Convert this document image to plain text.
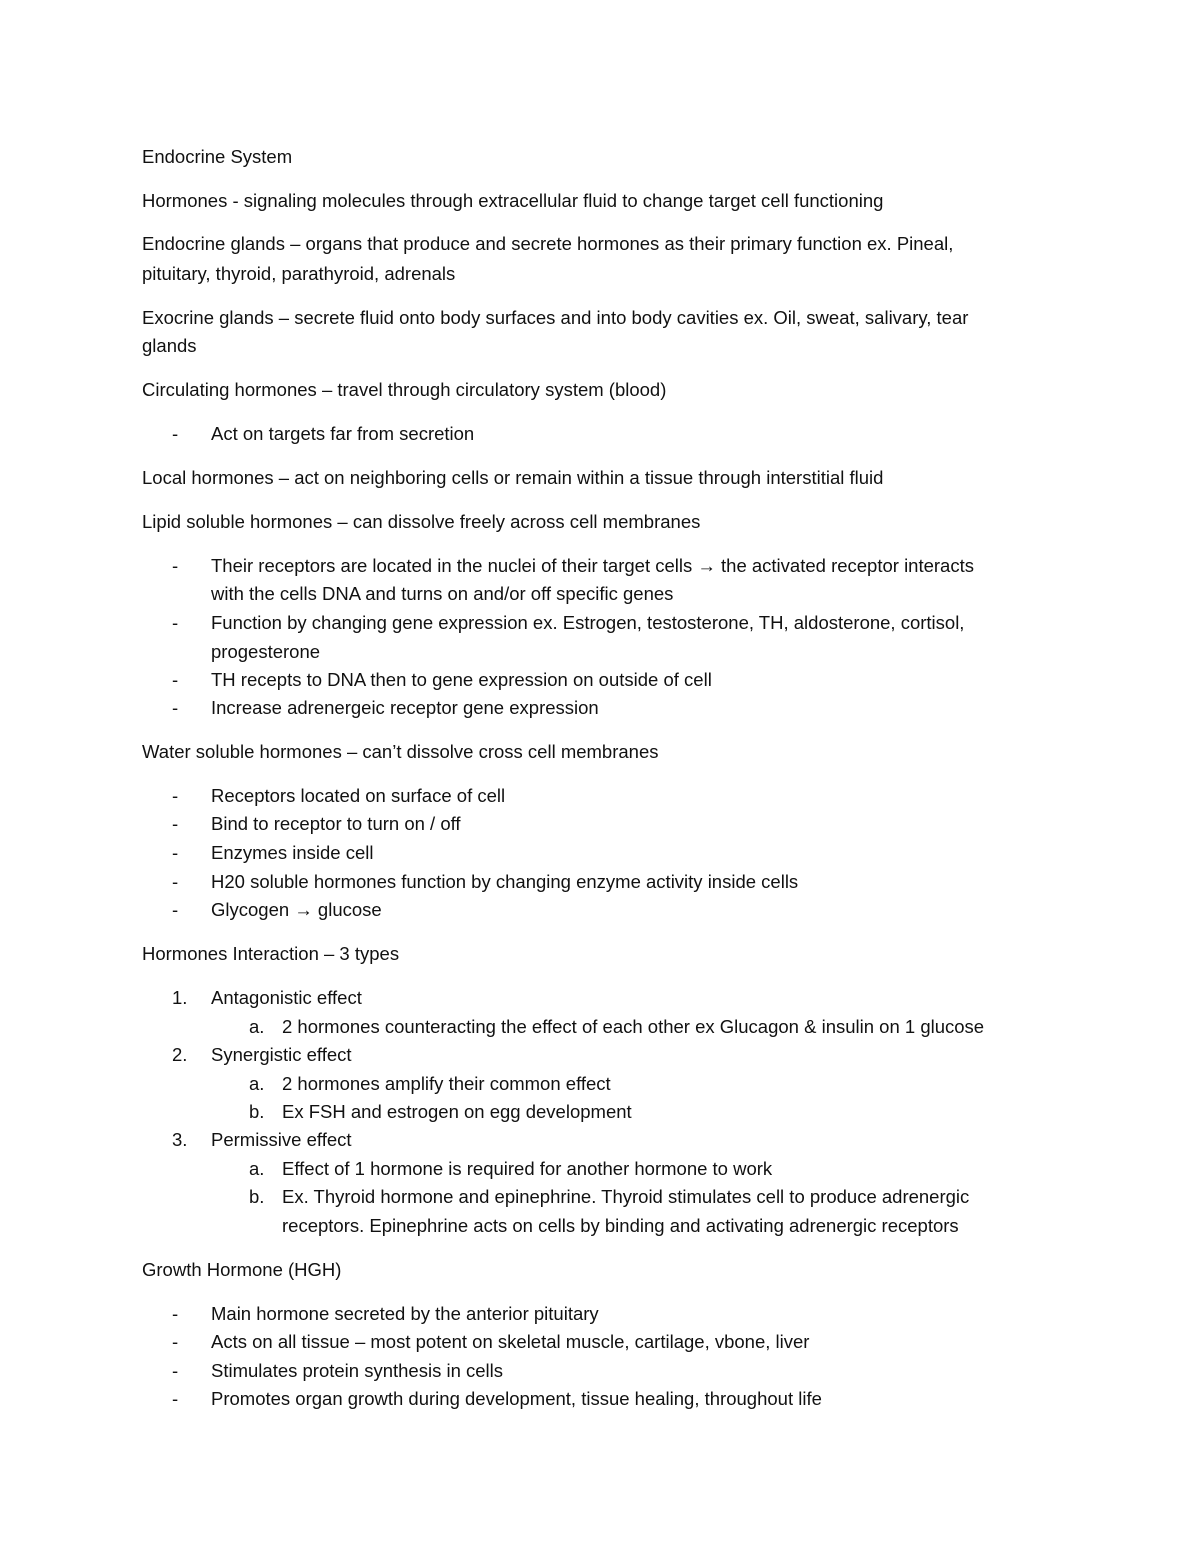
Endocrine System
Hormones - signaling molecules through extracellular fluid to change target cell functioning
Endocrine glands – organs that produce and secrete hormones as their primary function ex. Pineal,
pituitary, thyroid, parathyroid, adrenals
Exocrine glands – secrete fluid onto body surfaces and into body cavities ex. Oil, sweat, salivary, tear
glands
Circulating hormones – travel through circulatory system (blood)
- Act on targets far from secretion
Local hormones – act on neighboring cells or remain within a tissue through interstitial fluid
Lipid soluble hormones – can dissolve freely across cell membranes
- Their receptors are located in the nuclei of their target cells → the activated receptor interacts
with the cells DNA and turns on and/or off specific genes
- Function by changing gene expression ex. Estrogen, testosterone, TH, aldosterone, cortisol,
progesterone
- TH recepts to DNA then to gene expression on outside of cell
- Increase adrenergeic receptor gene expression
Water soluble hormones – can’t dissolve cross cell membranes
- Receptors located on surface of cell
- Bind to receptor to turn on / off
- Enzymes inside cell
- H20 soluble hormones function by changing enzyme activity inside cells
- Glycogen → glucose
Hormones Interaction – 3 types
1. Antagonistic effect
a. 2 hormones counteracting the effect of each other ex Glucagon & insulin on 1 glucose
2. Synergistic effect
a. 2 hormones amplify their common effect
b. Ex FSH and estrogen on egg development
3. Permissive effect
a. Effect of 1 hormone is required for another hormone to work
b. Ex. Thyroid hormone and epinephrine. Thyroid stimulates cell to produce adrenergic
receptors. Epinephrine acts on cells by binding and activating adrenergic receptors
Growth Hormone (HGH)
- Main hormone secreted by the anterior pituitary
- Acts on all tissue – most potent on skeletal muscle, cartilage, vbone, liver
- Stimulates protein synthesis in cells
- Promotes organ growth during development, tissue healing, throughout life
